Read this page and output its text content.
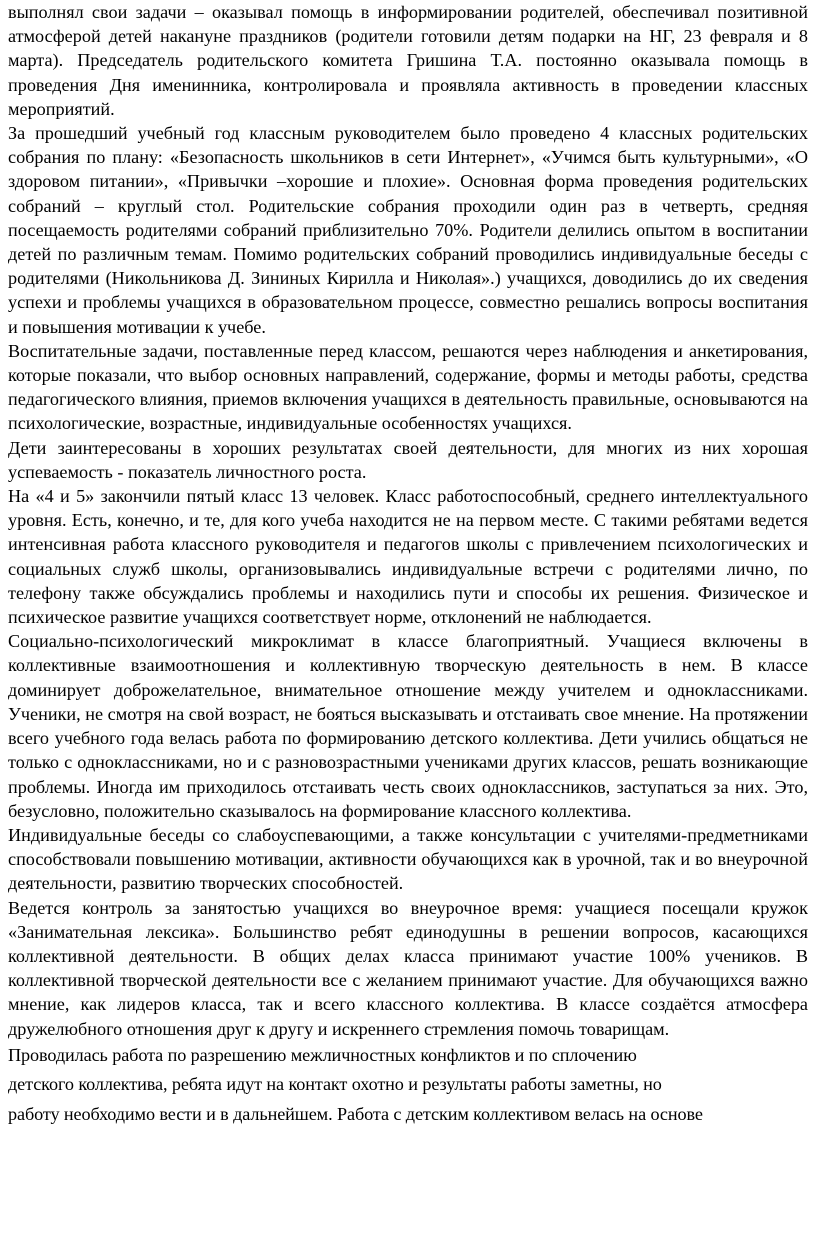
выполнял свои задачи – оказывал помощь в информировании родителей, обеспечивал позитивной атмосферой детей накануне праздников (родители готовили детям подарки на НГ, 23 февраля и 8 марта). Председатель родительского комитета Гришина Т.А. постоянно оказывала помощь в проведения Дня именинника, контролировала и проявляла активность в проведении классных мероприятий.

За прошедший учебный год классным руководителем было проведено 4 классных родительских собрания по плану: «Безопасность школьников в сети Интернет», «Учимся быть культурными», «О здоровом питании», «Привычки –хорошие и плохие». Основная форма проведения родительских собраний – круглый стол. Родительские собрания проходили один раз в четверть, средняя посещаемость родителями собраний приблизительно 70%. Родители делились опытом в воспитании детей по различным темам. Помимо родительских собраний проводились индивидуальные беседы с родителями (Никольникова Д. Зининых Кирилла и Николая».) учащихся, доводились до их сведения успехи и проблемы учащихся в образовательном процессе, совместно решались вопросы воспитания и повышения мотивации к учебе.

Воспитательные задачи, поставленные перед классом, решаются через наблюдения и анкетирования, которые показали, что выбор основных направлений, содержание, формы и методы работы, средства педагогического влияния, приемов включения учащихся в деятельность правильные, основываются на психологические, возрастные, индивидуальные особенностях учащихся.

Дети заинтересованы в хороших результатах своей деятельности, для многих из них хорошая успеваемость - показатель личностного роста.

На «4 и 5» закончили пятый класс 13 человек. Класс работоспособный, среднего интеллектуального уровня. Есть, конечно, и те, для кого учеба находится не на первом месте. С такими ребятами ведется интенсивная работа классного руководителя и педагогов школы с привлечением психологических и социальных служб школы, организовывались индивидуальные встречи с родителями лично, по телефону также обсуждались проблемы и находились пути и способы их решения. Физическое и психическое развитие учащихся соответствует норме, отклонений не наблюдается.

Социально-психологический микроклимат в классе благоприятный. Учащиеся включены в коллективные взаимоотношения и коллективную творческую деятельность в нем. В классе доминирует доброжелательное, внимательное отношение между учителем и одноклассниками. Ученики, не смотря на свой возраст, не бояться высказывать и отстаивать свое мнение. На протяжении всего учебного года велась работа по формированию детского коллектива. Дети учились общаться не только с одноклассниками, но и с разновозрастными учениками других классов, решать возникающие проблемы. Иногда им приходилось отстаивать честь своих одноклассников, заступаться за них. Это, безусловно, положительно сказывалось на формирование классного коллектива.

Индивидуальные беседы со слабоуспевающими, а также консультации с учителями-предметниками способствовали повышению мотивации, активности обучающихся как в урочной, так и во внеурочной деятельности, развитию творческих способностей.

Ведется контроль за занятостью учащихся во внеурочное время: учащиеся посещали кружок «Занимательная лексика». Большинство ребят единодушны в решении вопросов, касающихся коллективной деятельности. В общих делах класса принимают участие 100% учеников. В коллективной творческой деятельности все с желанием принимают участие. Для обучающихся важно мнение, как лидеров класса, так и всего классного коллектива. В классе создаётся атмосфера дружелюбного отношения друг к другу и искреннего стремления помочь товарищам.

Проводилась работа по разрешению межличностных конфликтов и по сплочению
детского коллектива, ребята идут на контакт охотно и результаты работы заметны, но
работу необходимо вести и в дальнейшем. Работа с детским коллективом велась на основе
